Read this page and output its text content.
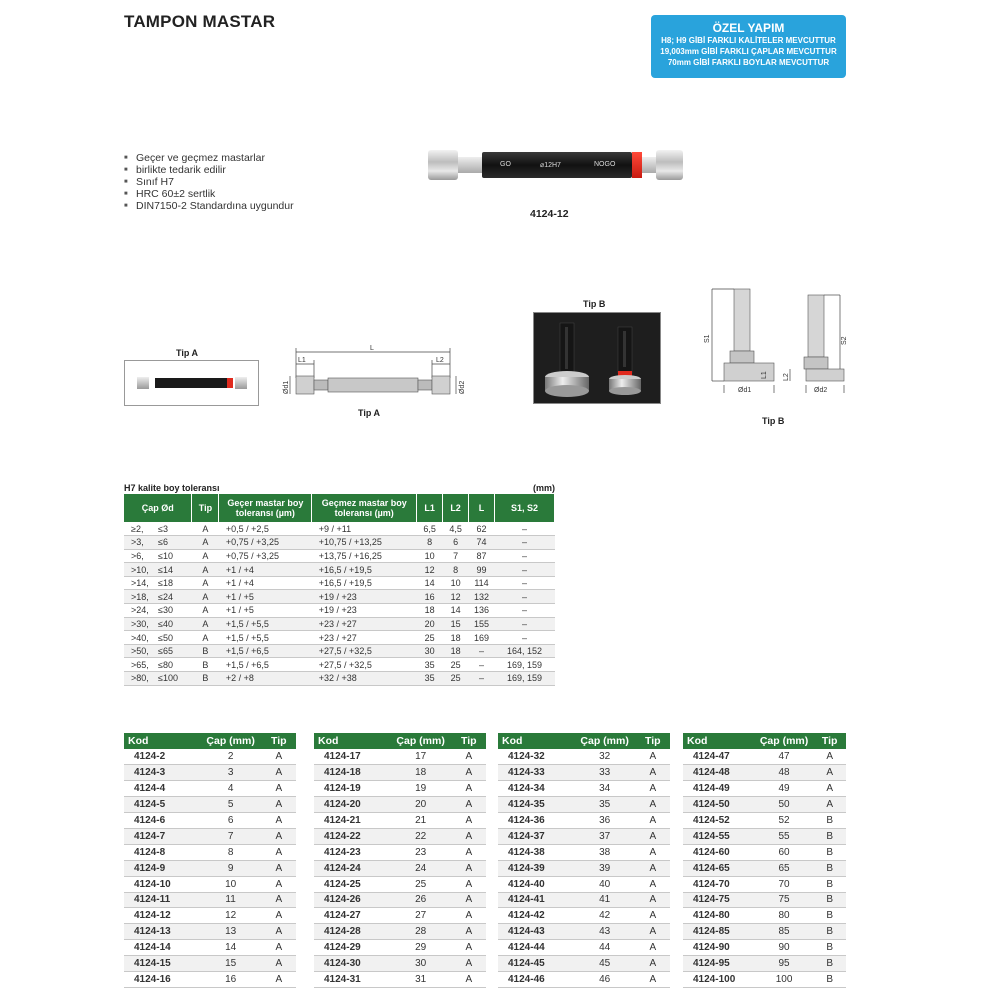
TAMPON MASTAR	ÖZEL YAPIM
H8; H9 GİBİ FARKLI KALİTELER MEVCUTTUR
19,003mm GİBİ FARKLI ÇAPLAR MEVCUTTUR
70mm GİBİ FARKLI BOYLAR MEVCUTTUR
■ Geçer ve geçmez mastarlar
■ birlikte tedarik edilir
■ Sınıf H7
■ HRC 60±2 sertlik
■ DIN7150-2 Standardına uygundur
GO	⌀12H7	NOGO
4124-12
Tip A
L1
L
L2
Ød1	Ød2
Tip A
Tip B
S1	S2
L1 L2
Ød1	Ød2
Tip B
H7 kalite boy toleransı	(mm)
Çap Ød	Tip	Geçer mastar boy toleransı (µm)	Geçmez mastar boy toleransı (µm)	L1	L2	L	S1, S2
≥2, ≤3	A	+0,5 / +2,5	+9 / +11	6,5	4,5	62	–
>3, ≤6	A	+0,75 / +3,25	+10,75 / +13,25	8	6	74	–
>6, ≤10	A	+0,75 / +3,25	+13,75 / +16,25	10	7	87	–
>10, ≤14	A	+1 / +4	+16,5 / +19,5	12	8	99	–
>14, ≤18	A	+1 / +4	+16,5 / +19,5	14	10	114	–
>18, ≤24	A	+1 / +5	+19 / +23	16	12	132	–
>24, ≤30	A	+1 / +5	+19 / +23	18	14	136	–
>30, ≤40	A	+1,5 / +5,5	+23 / +27	20	15	155	–
>40, ≤50	A	+1,5 / +5,5	+23 / +27	25	18	169	–
>50, ≤65	B	+1,5 / +6,5	+27,5 / +32,5	30	18	–	164, 152
>65, ≤80	B	+1,5 / +6,5	+27,5 / +32,5	35	25	–	169, 159
>80, ≤100	B	+2 / +8	+32 / +38	35	25	–	169, 159
Kod	Çap (mm)	Tip
4124-2	2	A
4124-3	3	A
4124-4	4	A
4124-5	5	A
4124-6	6	A
4124-7	7	A
4124-8	8	A
4124-9	9	A
4124-10	10	A
4124-11	11	A
4124-12	12	A
4124-13	13	A
4124-14	14	A
4124-15	15	A
4124-16	16	A
Kod	Çap (mm)	Tip
4124-17	17	A
4124-18	18	A
4124-19	19	A
4124-20	20	A
4124-21	21	A
4124-22	22	A
4124-23	23	A
4124-24	24	A
4124-25	25	A
4124-26	26	A
4124-27	27	A
4124-28	28	A
4124-29	29	A
4124-30	30	A
4124-31	31	A
Kod	Çap (mm)	Tip
4124-32	32	A
4124-33	33	A
4124-34	34	A
4124-35	35	A
4124-36	36	A
4124-37	37	A
4124-38	38	A
4124-39	39	A
4124-40	40	A
4124-41	41	A
4124-42	42	A
4124-43	43	A
4124-44	44	A
4124-45	45	A
4124-46	46	A
Kod	Çap (mm)	Tip
4124-47	47	A
4124-48	48	A
4124-49	49	A
4124-50	50	A
4124-52	52	B
4124-55	55	B
4124-60	60	B
4124-65	65	B
4124-70	70	B
4124-75	75	B
4124-80	80	B
4124-85	85	B
4124-90	90	B
4124-95	95	B
4124-100	100	B
